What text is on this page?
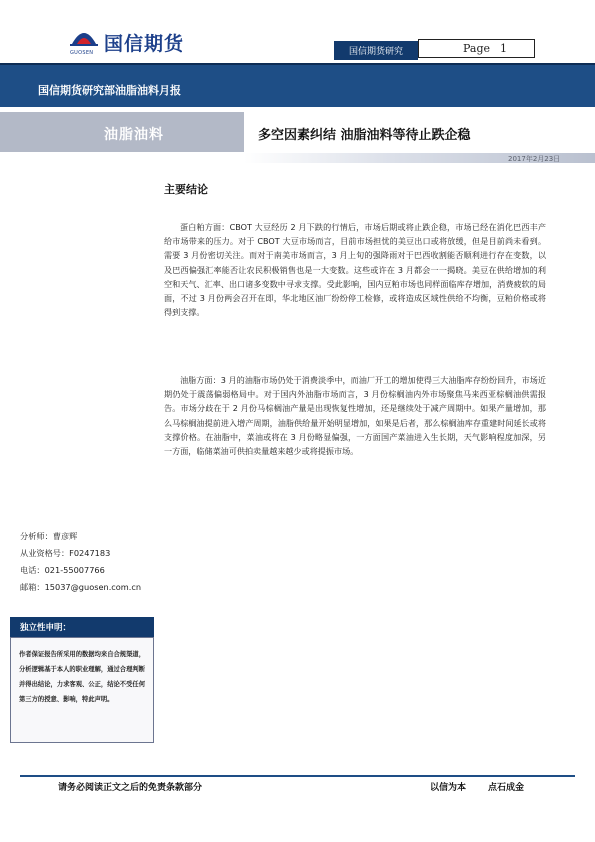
GUOSEN 国信期货	国信期货研究	Page 1
国信期货研究部油脂油料月报
油脂油料	多空因素纠结 油脂油料等待止跌企稳
2017年2月23日
主要结论

蛋白粕方面：CBOT 大豆经历 2 月下跌的行情后，市场后期或将止跌企稳，市场已经在消化巴西丰产给市场带来的压力。对于 CBOT 大豆市场而言，目前市场担忧的美豆出口或将放缓，但是目前尚未看到。需要 3 月份密切关注。而对于南美市场而言，3 月上旬的强降雨对于巴西收割能否顺利进行存在变数，以及巴西偏强汇率能否让农民积极销售也是一大变数。这些或许在 3 月都会一一揭晓。美豆在供给增加的利空和天气、汇率、出口诸多变数中寻求支撑。受此影响，国内豆粕市场也同样面临库存增加，消费疲软的局面，不过 3 月份两会召开在即，华北地区油厂纷纷停工检修，或将造成区域性供给不均衡，豆粕价格或将得到支撑。

油脂方面：3 月的油脂市场仍处于消费淡季中，而油厂开工的增加使得三大油脂库存纷纷回升，市场近期仍处于震荡偏弱格局中。对于国内外油脂市场而言，3 月份棕榈油内外市场聚焦马来西亚棕榈油供需报告。市场分歧在于 2 月份马棕榈油产量是出现恢复性增加，还是继续处于减产周期中。如果产量增加，那么马棕榈油提前进入增产周期，油脂供给量开始明显增加，如果是后者，那么棕榈油库存重建时间延长或将支撑价格。在油脂中，菜油或将在 3 月份略显偏强，一方面国产菜油进入生长期，天气影响程度加深，另一方面，临储菜油可供拍卖量越来越少或将提振市场。

分析师：曹彦辉
从业资格号：F0247183
电话：021-55007766
邮箱：15037@guosen.com.cn
独立性申明：
作者保证报告所采用的数据均来自合规渠道，分析逻辑基于本人的职业理解，通过合理判断并得出结论，力求客观、公正，结论不受任何第三方的授意、影响，特此声明。
请务必阅读正文之后的免责条款部分	以信为本 点石成金
